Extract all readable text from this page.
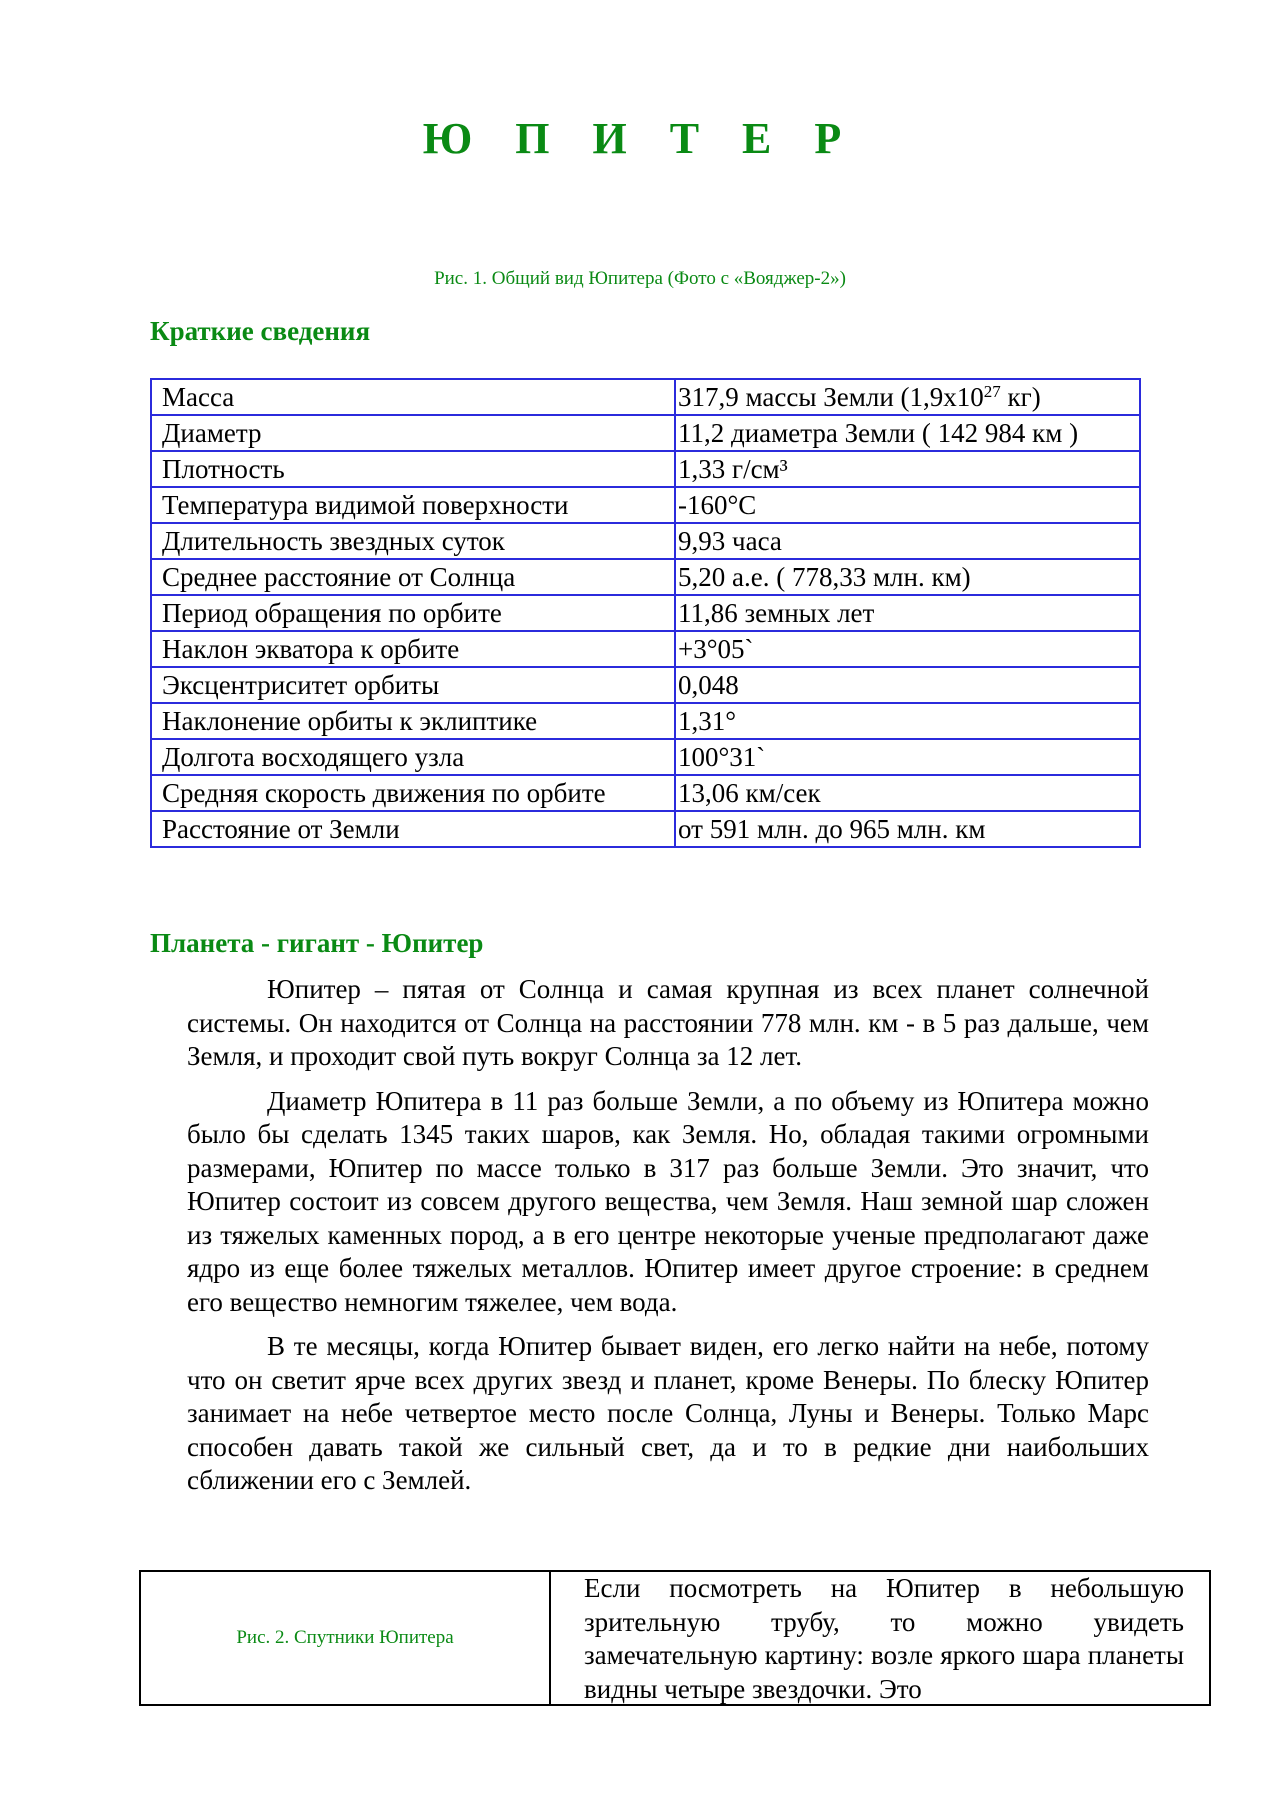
Ю П И Т Е Р
Рис. 1. Общий вид Юпитера (Фото с «Вояджер-2»)
Краткие сведения
Масса	317,9 массы Земли ($1,9х10^{27}$ кг)
Диаметр	11,2 диаметра Земли ( 142 984 км )
Плотность	1,33 г/см³
Температура видимой поверхности	-160°С
Длительность звездных суток	9,93 часа
Среднее расстояние от Солнца	5,20 а.е. ( 778,33 млн. км)
Период обращения по орбите	11,86 земных лет
Наклон экватора к орбите	+3°05`
Эксцентриситет орбиты	0,048
Наклонение орбиты к эклиптике	1,31°
Долгота восходящего узла	100°31`
Средняя скорость движения по орбите	13,06 км/сек
Расстояние от Земли	от 591 млн. до 965 млн. км
Планета - гигант - Юпитер

Юпитер – пятая от Солнца и самая крупная из всех планет солнечной системы. Он находится от Солнца на расстоянии 778 млн. км - в 5 раз дальше, чем Земля, и проходит свой путь вокруг Солнца за 12 лет.

Диаметр Юпитера в 11 раз больше Земли, а по объему из Юпитера можно было бы сделать 1345 таких шаров, как Земля. Но, обладая такими огромными размерами, Юпитер по массе только в 317 раз больше Земли. Это значит, что Юпитер состоит из совсем другого вещества, чем Земля. Наш земной шар сложен из тяжелых каменных пород, а в его центре некоторые ученые предполагают даже ядро из еще более тяжелых металлов. Юпитер имеет другое строение: в среднем его вещество немногим тяжелее, чем вода.

В те месяцы, когда Юпитер бывает виден, его легко найти на небе, потому что он светит ярче всех других звезд и планет, кроме Венеры. По блеску Юпитер занимает на небе четвертое место после Солнца, Луны и Венеры. Только Марс способен давать такой же сильный свет, да и то в редкие дни наибольших сближении его с Землей.

Рис. 2. Спутники Юпитера

Если посмотреть на Юпитер в небольшую зрительную трубу, то можно увидеть замечательную картину: возле яркого шара планеты видны четыре звездочки. Это
